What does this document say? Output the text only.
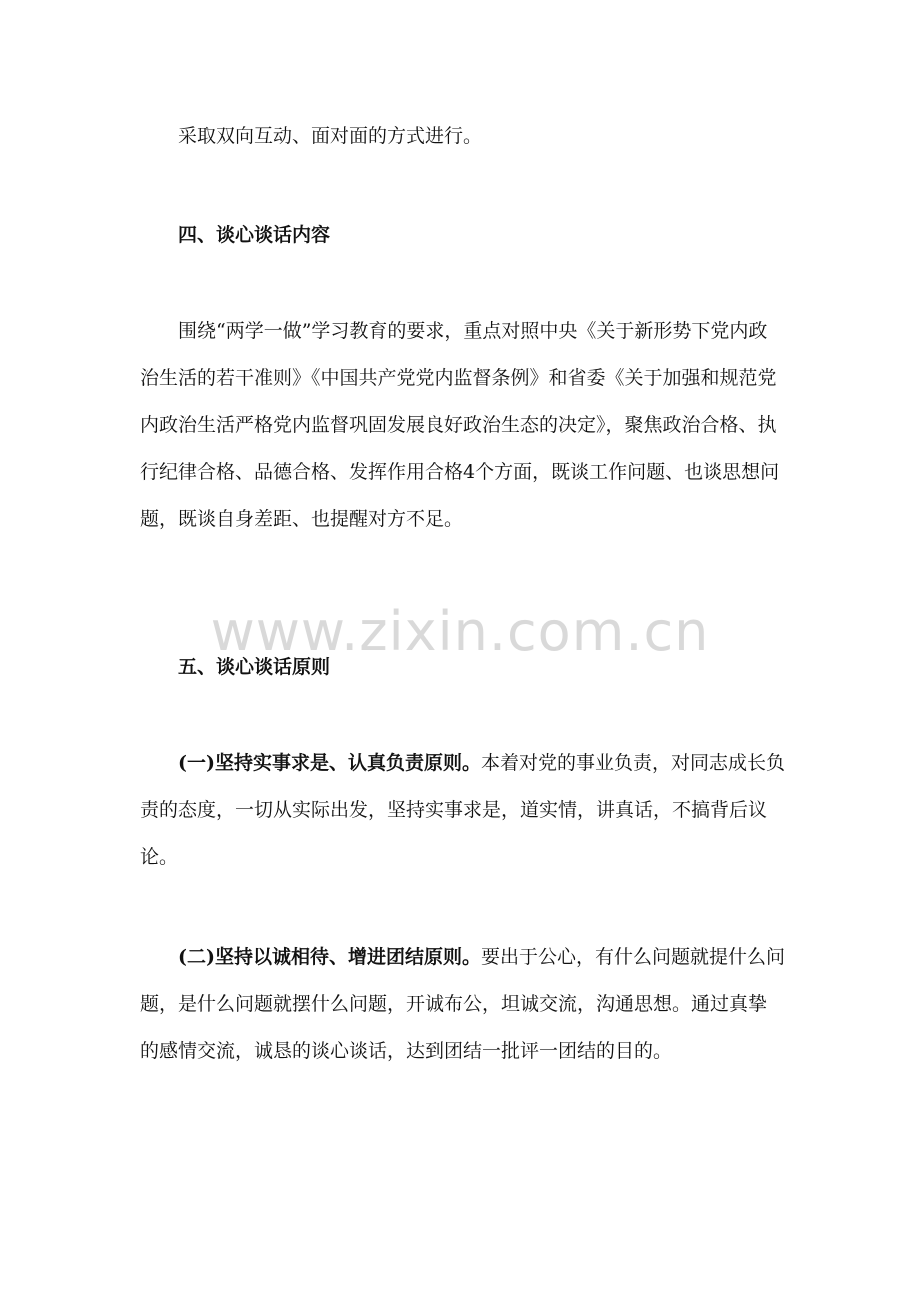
采取双向互动、面对面的方式进行。

四、谈心谈话内容

围绕“两学一做”学习教育的要求，重点对照中央《关于新形势下党内政治生活的若干准则》《中国共产党党内监督条例》和省委《关于加强和规范党内政治生活严格党内监督巩固发展良好政治生态的决定》，聚焦政治合格、执行纪律合格、品德合格、发挥作用合格4个方面，既谈工作问题、也谈思想问题，既谈自身差距、也提醒对方不足。

www.zixin.com.cn
五、谈心谈话原则

(一)坚持实事求是、认真负责原则。本着对党的事业负责，对同志成长负责的态度，一切从实际出发，坚持实事求是，道实情，讲真话，不搞背后议论。

(二)坚持以诚相待、增进团结原则。要出于公心，有什么问题就提什么问题，是什么问题就摆什么问题，开诚布公，坦诚交流，沟通思想。通过真挚的感情交流，诚恳的谈心谈话，达到团结一批评一团结的目的。
